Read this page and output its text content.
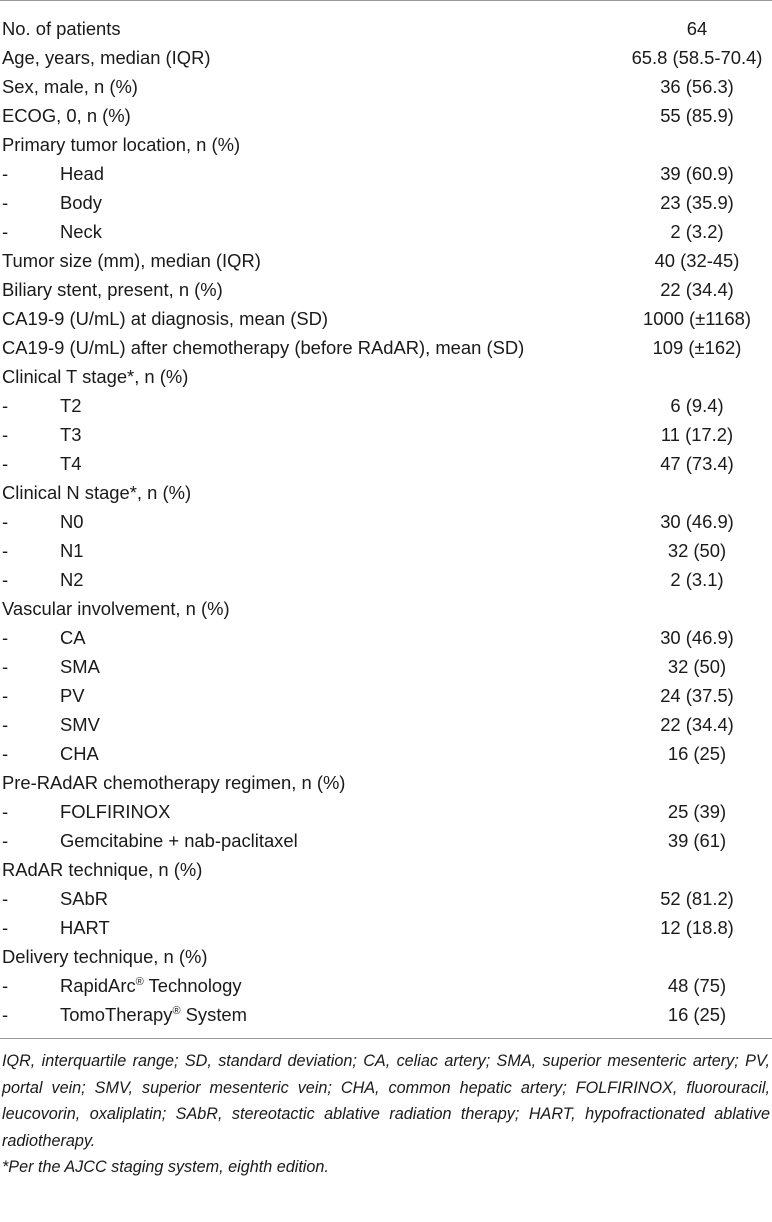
No. of patients	64
Age, years, median (IQR)	65.8 (58.5-70.4)
Sex, male, n (%)	36 (56.3)
ECOG, 0, n (%)	55 (85.9)
Primary tumor location, n (%)	
- Head	39 (60.9)
- Body	23 (35.9)
- Neck	2 (3.2)
Tumor size (mm), median (IQR)	40 (32-45)
Biliary stent, present, n (%)	22 (34.4)
CA19-9 (U/mL) at diagnosis, mean (SD)	1000 (±1168)
CA19-9 (U/mL) after chemotherapy (before RAdAR), mean (SD)	109 (±162)
Clinical T stage*, n (%)	
- T2	6 (9.4)
- T3	11 (17.2)
- T4	47 (73.4)
Clinical N stage*, n (%)	
- N0	30 (46.9)
- N1	32 (50)
- N2	2 (3.1)
Vascular involvement, n (%)	
- CA	30 (46.9)
- SMA	32 (50)
- PV	24 (37.5)
- SMV	22 (34.4)
- CHA	16 (25)
Pre-RAdAR chemotherapy regimen, n (%)	
- FOLFIRINOX	25 (39)
- Gemcitabine + nab-paclitaxel	39 (61)
RAdAR technique, n (%)	
- SAbR	52 (81.2)
- HART	12 (18.8)
Delivery technique, n (%)	
- RapidArc® Technology	48 (75)
- TomoTherapy® System	16 (25)

IQR, interquartile range; SD, standard deviation; CA, celiac artery; SMA, superior mesenteric artery; PV, portal vein; SMV, superior mesenteric vein; CHA, common hepatic artery; FOLFIRINOX, fluorouracil, leucovorin, oxaliplatin; SAbR, stereotactic ablative radiation therapy; HART, hypofractionated ablative radiotherapy.

*Per the AJCC staging system, eighth edition.
